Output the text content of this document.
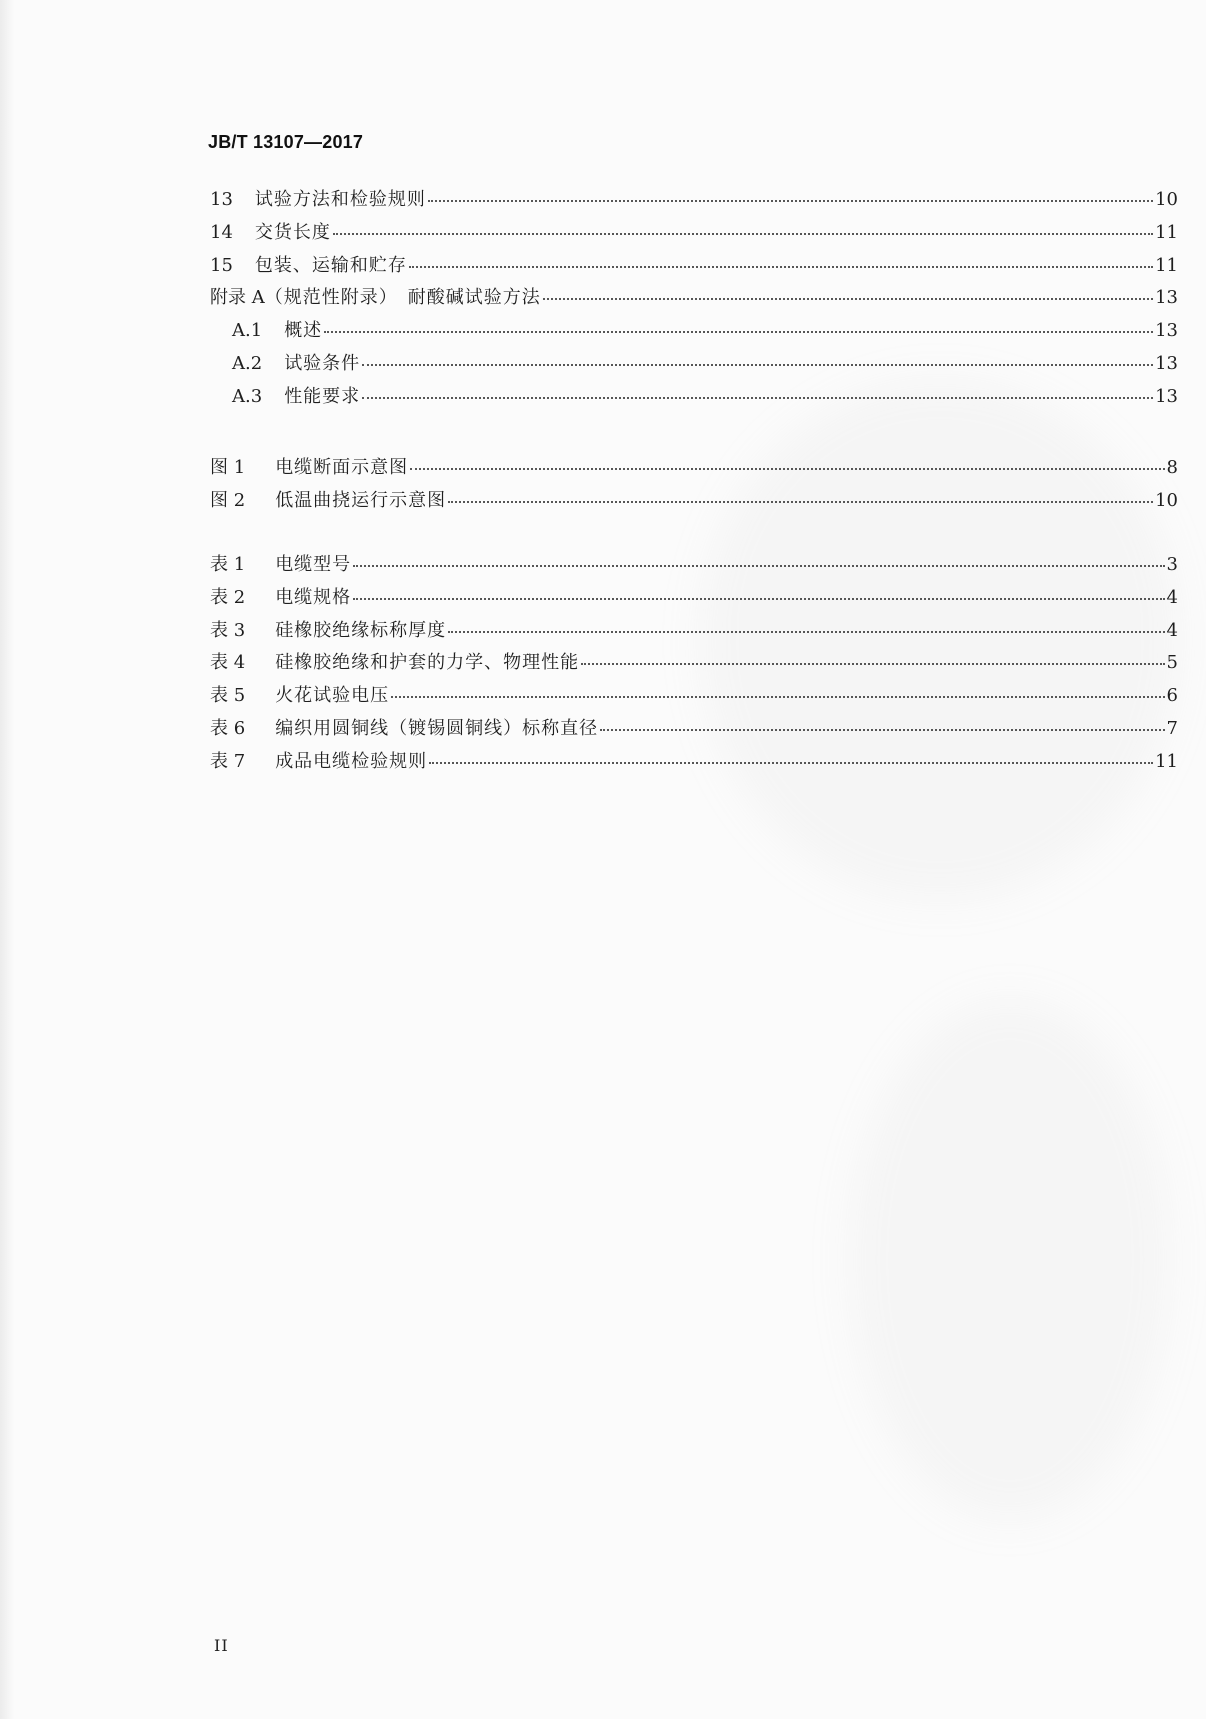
JB/T 13107—2017
13 试验方法和检验规则	10
14 交货长度	11
15 包装、运输和贮存	11
附录 A （规范性附录）　耐酸碱试验方法	13
A.1 概述	13
A.2 试验条件	13
A.3 性能要求	13
图 1 电缆断面示意图	8
图 2 低温曲挠运行示意图	10
表 1 电缆型号	3
表 2 电缆规格	4
表 3 硅橡胶绝缘标称厚度	4
表 4 硅橡胶绝缘和护套的力学、物理性能	5
表 5 火花试验电压	6
表 6 编织用圆铜线（镀锡圆铜线）标称直径	7
表 7 成品电缆检验规则	11
II
